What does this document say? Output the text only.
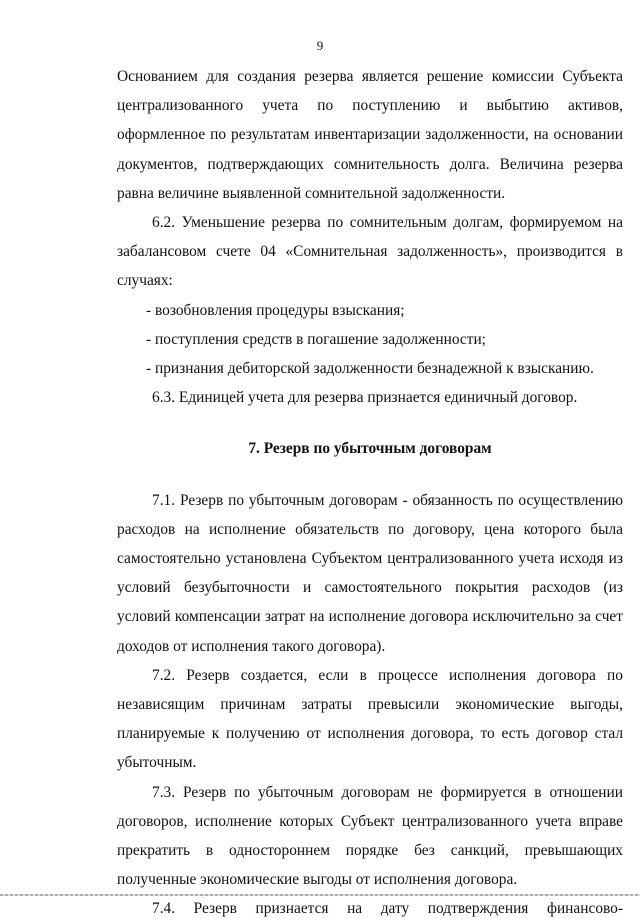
9

Основанием для создания резерва является решение комиссии Субъекта централизованного учета по поступлению и выбытию активов, оформленное по результатам инвентаризации задолженности, на основании документов, подтверждающих сомнительность долга. Величина резерва равна величине выявленной сомнительной задолженности.

6.2. Уменьшение резерва по сомнительным долгам, формируемом на забалансовом счете 04 «Сомнительная задолженность», производится в случаях:

- возобновления процедуры взыскания;

- поступления средств в погашение задолженности;

- признания дебиторской задолженности безнадежной к взысканию.

6.3. Единицей учета для резерва признается единичный договор.

7. Резерв по убыточным договорам

7.1. Резерв по убыточным договорам - обязанность по осуществлению расходов на исполнение обязательств по договору, цена которого была самостоятельно установлена Субъектом централизованного учета исходя из условий безубыточности и самостоятельного покрытия расходов (из условий компенсации затрат на исполнение договора исключительно за счет доходов от исполнения такого договора).

7.2. Резерв создается, если в процессе исполнения договора по независящим причинам затраты превысили экономические выгоды, планируемые к получению от исполнения договора, то есть договор стал убыточным.

7.3. Резерв по убыточным договорам не формируется в отношении договоров, исполнение которых Субъект централизованного учета вправе прекратить в одностороннем порядке без санкций, превышающих полученные экономические выгоды от исполнения договора.

7.4. Резерв признается на дату подтверждения финансово-
